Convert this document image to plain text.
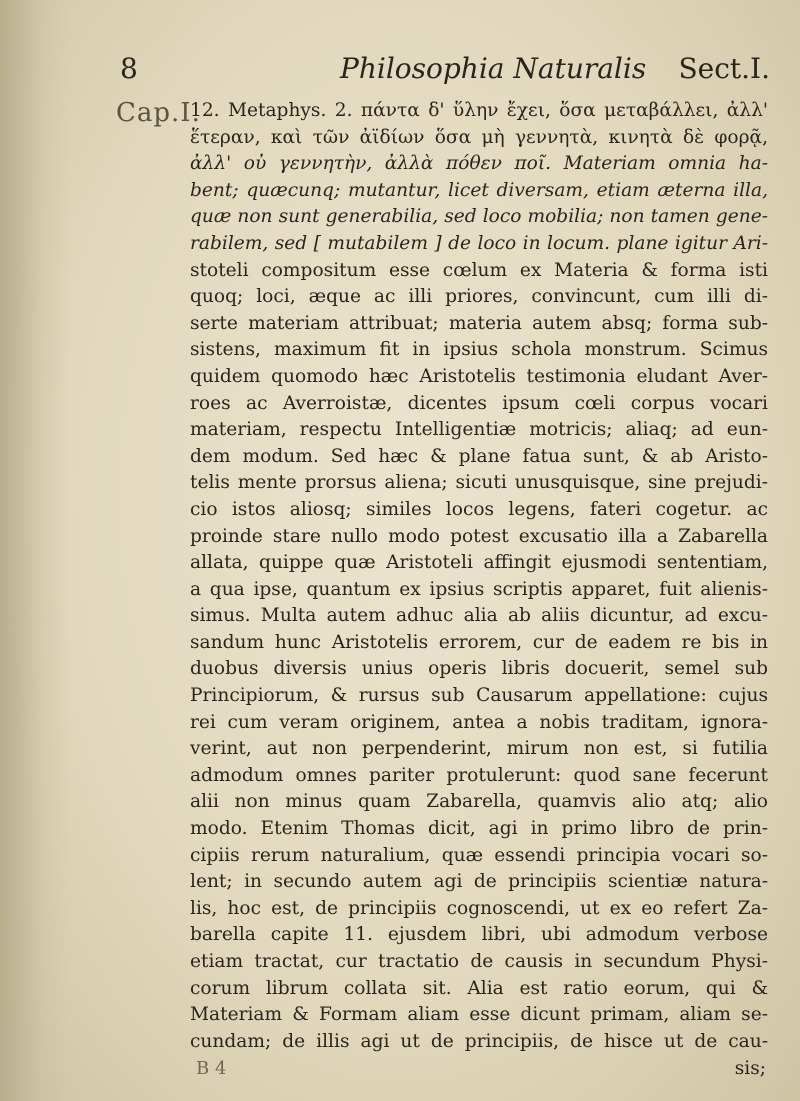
8	Philosophia Naturalis Sect.I.
Cap.I.
12. Metaphys. 2. πάντα δ' ὕλην ἔχει, ὅσα μεταβάλλει, ἀλλ'
ἕτεραν, καὶ τῶν ἀϊδίων ὅσα μὴ γεννητὰ, κινητὰ δὲ φορᾷ,
ἀλλ' οὐ γεννητὴν, ἀλλὰ πόθεν ποῖ. Materiam omnia ha-
bent; quæcunq; mutantur, licet diversam, etiam æterna illa,
quæ non sunt generabilia, sed loco mobilia; non tamen gene-
rabilem, sed [ mutabilem ] de loco in locum. plane igitur Ari-
stoteli compositum esse cœlum ex Materia & forma isti
quoq; loci, æque ac illi priores, convincunt, cum illi di-
serte materiam attribuat; materia autem absq; forma sub-
sistens, maximum fit in ipsius schola monstrum. Scimus
quidem quomodo hæc Aristotelis testimonia eludant Aver-
roes ac Averroistæ, dicentes ipsum cœli corpus vocari
materiam, respectu Intelligentiæ motricis; aliaq; ad eun-
dem modum. Sed hæc & plane fatua sunt, & ab Aristo-
telis mente prorsus aliena; sicuti unusquisque, sine prejudi-
cio istos aliosq; similes locos legens, fateri cogetur. ac
proinde stare nullo modo potest excusatio illa a Zabarella
allata, quippe quæ Aristoteli affingit ejusmodi sententiam,
a qua ipse, quantum ex ipsius scriptis apparet, fuit alienis-
simus. Multa autem adhuc alia ab aliis dicuntur, ad excu-
sandum hunc Aristotelis errorem, cur de eadem re bis in
duobus diversis unius operis libris docuerit, semel sub
Principiorum, & rursus sub Causarum appellatione: cujus
rei cum veram originem, antea a nobis traditam, ignora-
verint, aut non perpenderint, mirum non est, si futilia
admodum omnes pariter protulerunt: quod sane fecerunt
alii non minus quam Zabarella, quamvis alio atq; alio
modo. Etenim Thomas dicit, agi in primo libro de prin-
cipiis rerum naturalium, quæ essendi principia vocari so-
lent; in secundo autem agi de principiis scientiæ natura-
lis, hoc est, de principiis cognoscendi, ut ex eo refert Za-
barella capite 11. ejusdem libri, ubi admodum verbose
etiam tractat, cur tractatio de causis in secundum Physi-
corum librum collata sit. Alia est ratio eorum, qui &
Materiam & Formam aliam esse dicunt primam, aliam se-
cundam; de illis agi ut de principiis, de hisce ut de cau-
B 4	sis;
